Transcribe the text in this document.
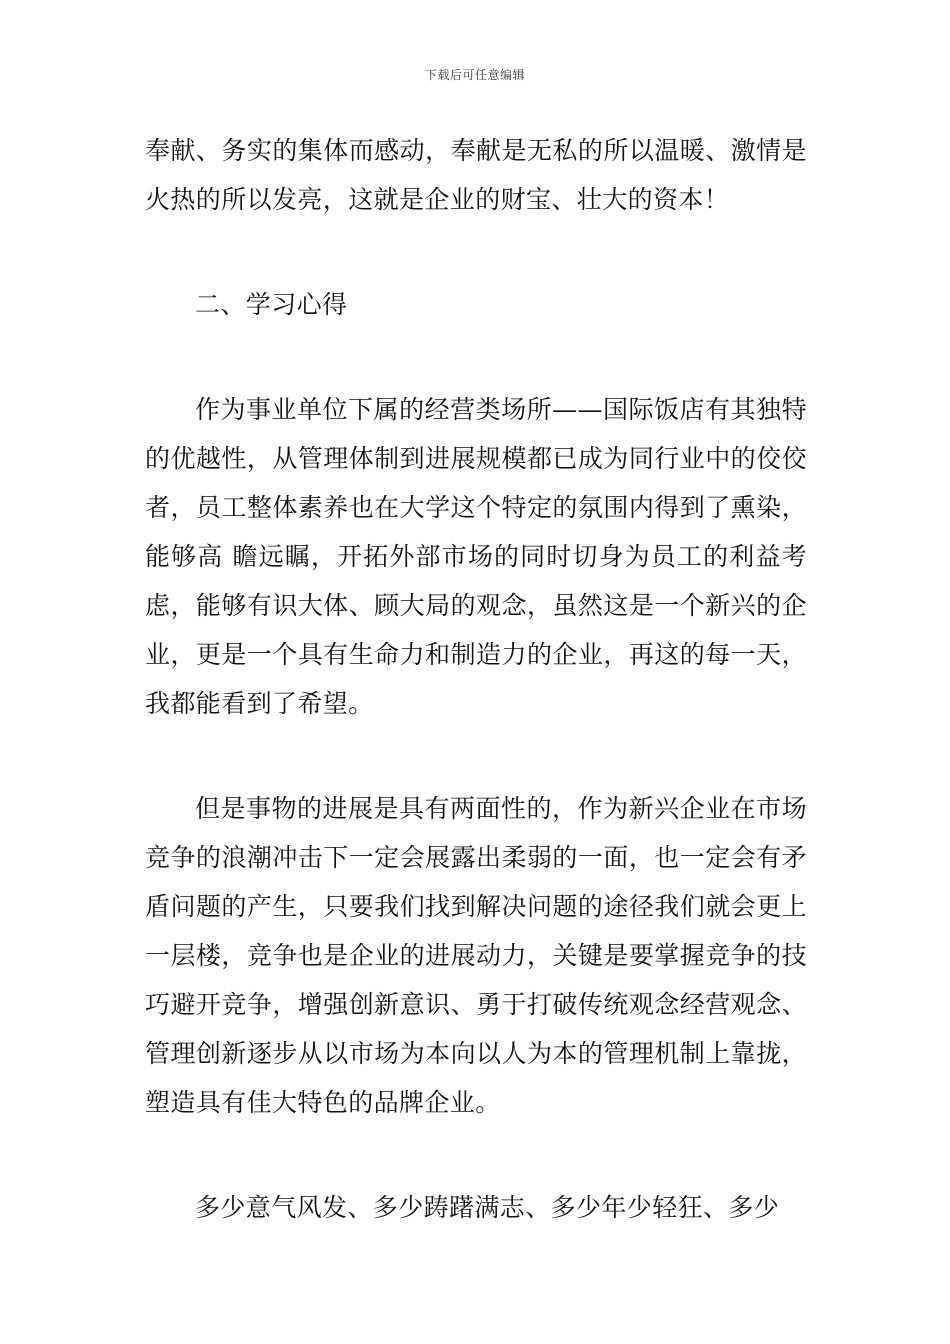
下载后可任意编辑

奉献、务实的集体而感动，奉献是无私的所以温暖、激情是火热的所以发亮，这就是企业的财宝、壮大的资本！

二、学习心得

作为事业单位下属的经营类场所——国际饭店有其独特的优越性，从管理体制到进展规模都已成为同行业中的佼佼者，员工整体素养也在大学这个特定的氛围内得到了熏染，能够高 瞻远瞩，开拓外部市场的同时切身为员工的利益考虑，能够有识大体、顾大局的观念，虽然这是一个新兴的企业，更是一个具有生命力和制造力的企业，再这的每一天，我都能看到了希望。

但是事物的进展是具有两面性的，作为新兴企业在市场竞争的浪潮冲击下一定会展露出柔弱的一面，也一定会有矛盾问题的产生，只要我们找到解决问题的途径我们就会更上一层楼，竞争也是企业的进展动力，关键是要掌握竞争的技巧避开竞争，增强创新意识、勇于打破传统观念经营观念、管理创新逐步从以市场为本向以人为本的管理机制上靠拢，塑造具有佳大特色的品牌企业。

多少意气风发、多少踌躇满志、多少年少轻狂、多少
